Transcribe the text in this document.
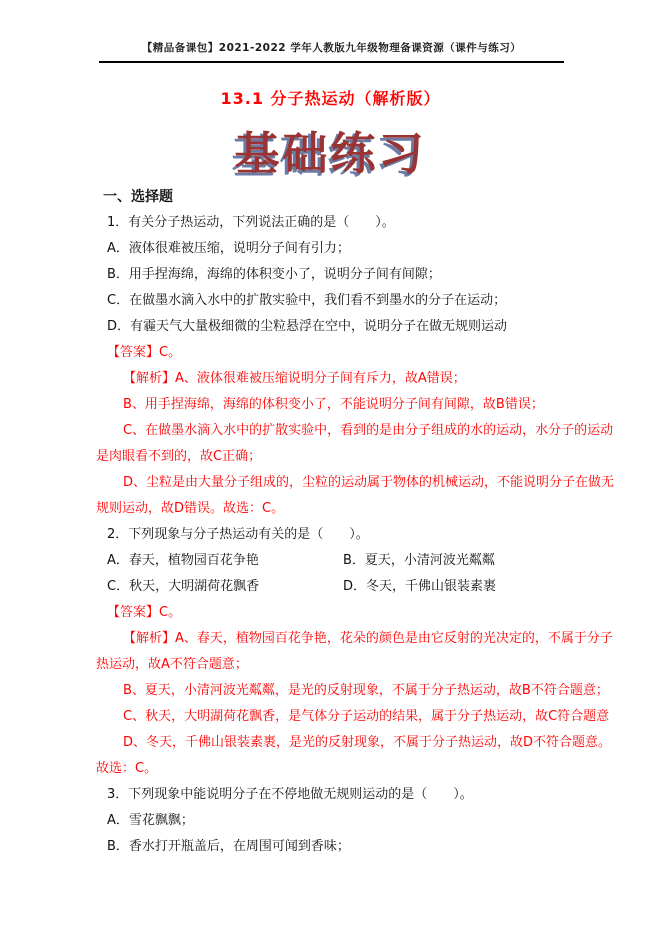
【精品备课包】2021-2022 学年人教版九年级物理备课资源（课件与练习）
13.1 分子热运动（解析版）
基础练习
一、选择题
1．有关分子热运动，下列说法正确的是（　　）。
A．液体很难被压缩，说明分子间有引力；
B．用手捏海绵，海绵的体积变小了，说明分子间有间隙；
C．在做墨水滴入水中的扩散实验中，我们看不到墨水的分子在运动；
D．有霾天气大量极细微的尘粒悬浮在空中，说明分子在做无规则运动
【答案】C。
【解析】A、液体很难被压缩说明分子间有斥力，故A错误；
B、用手捏海绵，海绵的体积变小了，不能说明分子间有间隙，故B错误；
C、在做墨水滴入水中的扩散实验中，看到的是由分子组成的水的运动，水分子的运动
是肉眼看不到的，故C正确；
D、尘粒是由大量分子组成的，尘粒的运动属于物体的机械运动，不能说明分子在做无
规则运动，故D错误。故选：C。
2．下列现象与分子热运动有关的是（　　）。
A．春天，植物园百花争艳	B．夏天，小清河波光粼粼
C．秋天，大明湖荷花飘香	D．冬天，千佛山银装素裹
【答案】C。
【解析】A、春天，植物园百花争艳，花朵的颜色是由它反射的光决定的，不属于分子
热运动，故A不符合题意；
B、夏天，小清河波光粼粼，是光的反射现象，不属于分子热运动，故B不符合题意；
C、秋天，大明湖荷花飘香，是气体分子运动的结果，属于分子热运动，故C符合题意
D、冬天，千佛山银装素裹，是光的反射现象，不属于分子热运动，故D不符合题意。
故选：C。
3．下列现象中能说明分子在不停地做无规则运动的是（　　）。
A．雪花飘飘；
B．香水打开瓶盖后，在周围可闻到香味；
